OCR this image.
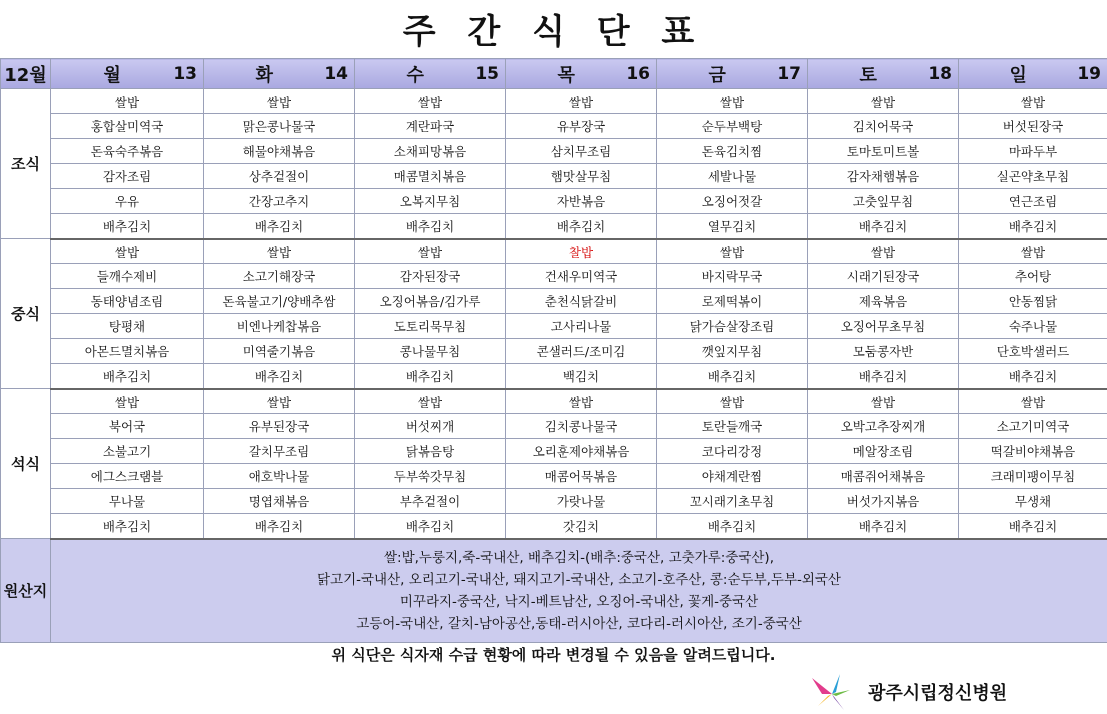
주 간 식 단 표
12월	월 13	화 14	수 15	목 16	금 17	토 18	일 19

조식	쌀밥	쌀밥	쌀밥	쌀밥	쌀밥	쌀밥	쌀밥
	홍합살미역국	맑은콩나물국	계란파국	유부장국	순두부백탕	김치어묵국	버섯된장국
	돈육숙주볶음	해물야채볶음	소채피망볶음	삼치무조림	돈육김치찜	토마토미트볼	마파두부
	감자조림	상추겉절이	매콤멸치볶음	햄맛살무침	세발나물	감자채햄볶음	실곤약초무침
	우유	간장고추지	오복지무침	자반볶음	오징어젓갈	고춧잎무침	연근조림
	배추김치	배추김치	배추김치	배추김치	열무김치	배추김치	배추김치
중식	쌀밥	쌀밥	쌀밥	찰밥	쌀밥	쌀밥	쌀밥
	들깨수제비	소고기해장국	감자된장국	건새우미역국	바지락무국	시래기된장국	추어탕
	동태양념조림	돈육불고기/양배추쌈	오징어볶음/김가루	춘천식닭갈비	로제떡볶이	제육볶음	안동찜닭
	탕평채	비엔나케찹볶음	도토리묵무침	고사리나물	닭가슴살장조림	오징어무초무침	숙주나물
	아몬드멸치볶음	미역줄기볶음	콩나물무침	콘샐러드/조미김	깻잎지무침	모둠콩자반	단호박샐러드
	배추김치	배추김치	배추김치	백김치	배추김치	배추김치	배추김치
석식	쌀밥	쌀밥	쌀밥	쌀밥	쌀밥	쌀밥	쌀밥
	북어국	유부된장국	버섯찌개	김치콩나물국	토란들깨국	오박고추장찌개	소고기미역국
	소불고기	갈치무조림	닭볶음탕	오리훈제야채볶음	코다리강정	메알장조림	떡갈비야채볶음
	에그스크램블	애호박나물	두부쑥갓무침	매콤어묵볶음	야채계란찜	매콤쥐어채볶음	크래미팽이무침
	무나물	명엽채볶음	부추겉절이	가랏나물	꼬시래기초무침	버섯가지볶음	무생채
	배추김치	배추김치	배추김치	갓김치	배추김치	배추김치	배추김치
원산지	쌀:밥,누룽지,죽-국내산, 배추김치-(배추:중국산, 고춧가루:중국산),
닭고기-국내산, 오리고기-국내산, 돼지고기-국내산, 소고기-호주산, 콩:순두부,두부-외국산
미꾸라지-중국산, 낙지-베트남산, 오징어-국내산, 꽃게-중국산
고등어-국내산, 갈치-남아공산,동태-러시아산, 코다리-러시아산, 조기-중국산						
위 식단은 식자재 수급 현황에 따라 변경될 수 있음을 알려드립니다.
광주시립정신병원
